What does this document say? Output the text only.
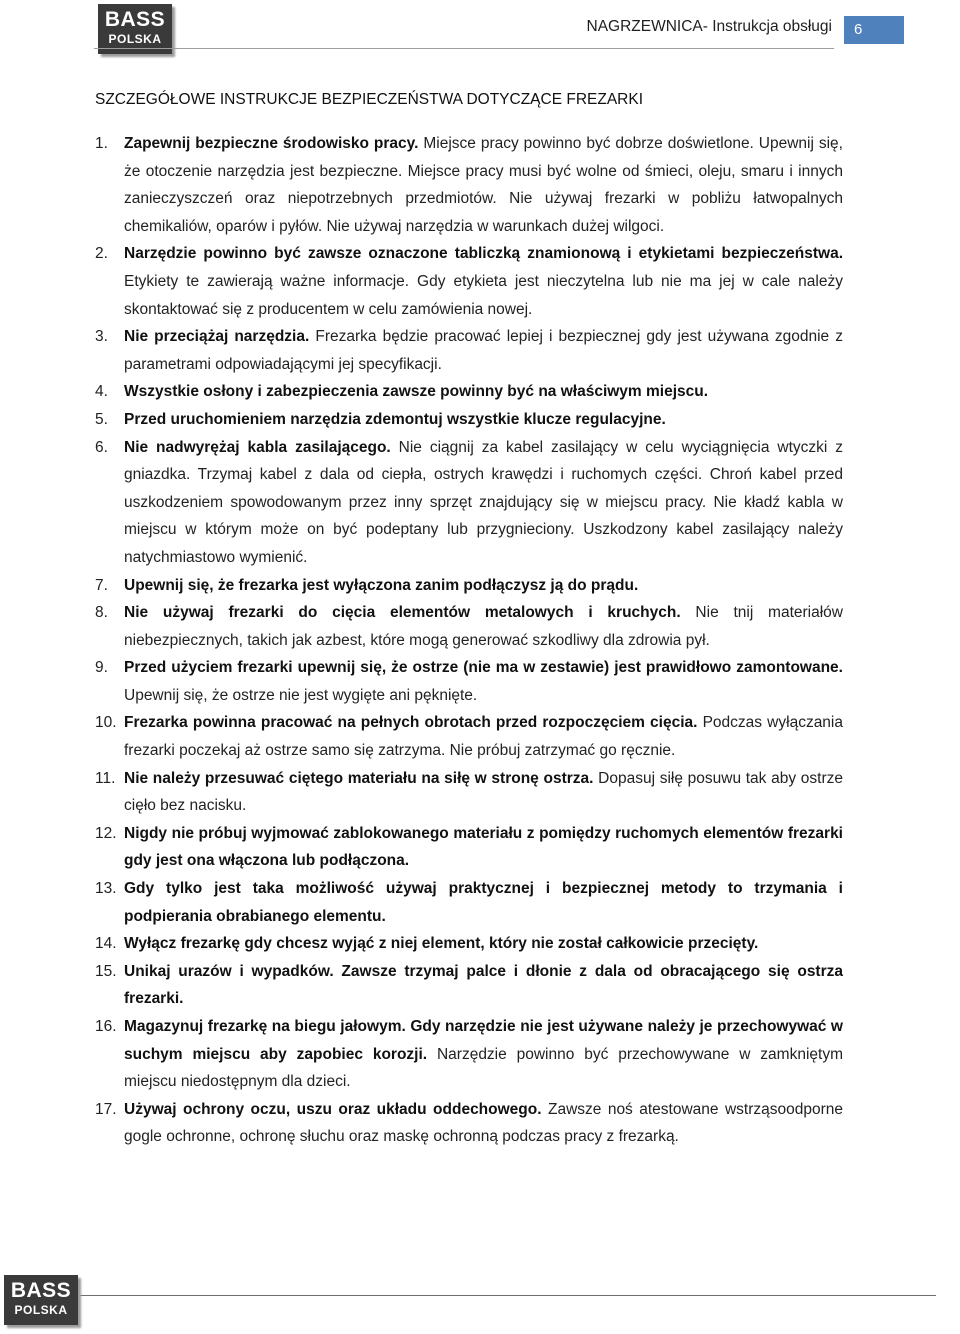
BASS
POLSKA
NAGRZEWNICA- Instrukcja obsługi	6
SZCZEGÓŁOWE INSTRUKCJE BEZPIECZEŃSTWA DOTYCZĄCE FREZARKI
1.	Zapewnij bezpieczne środowisko pracy. Miejsce pracy powinno być dobrze doświetlone. Upewnij się, że otoczenie narzędzia jest bezpieczne. Miejsce pracy musi być wolne od śmieci, oleju, smaru i innych zanieczyszczeń oraz niepotrzebnych przedmiotów. Nie używaj frezarki w pobliżu łatwopalnych chemikaliów, oparów i pyłów. Nie używaj narzędzia w warunkach dużej wilgoci.
2.	Narzędzie powinno być zawsze oznaczone tabliczką znamionową i etykietami bezpieczeństwa. Etykiety te zawierają ważne informacje. Gdy etykieta jest nieczytelna lub nie ma jej w cale należy skontaktować się z producentem w celu zamówienia nowej.
3.	Nie przeciążaj narzędzia. Frezarka będzie pracować lepiej i bezpiecznej gdy jest używana zgodnie z parametrami odpowiadającymi jej specyfikacji.
4.	Wszystkie osłony i zabezpieczenia zawsze powinny być na właściwym miejscu.
5.	Przed uruchomieniem narzędzia zdemontuj wszystkie klucze regulacyjne.
6.	Nie nadwyrężaj kabla zasilającego. Nie ciągnij za kabel zasilający w celu wyciągnięcia wtyczki z gniazdka. Trzymaj kabel z dala od ciepła, ostrych krawędzi i ruchomych części. Chroń kabel przed uszkodzeniem spowodowanym przez inny sprzęt znajdujący się w miejscu pracy. Nie kładź kabla w miejscu w którym może on być podeptany lub przygnieciony. Uszkodzony kabel zasilający należy natychmiastowo wymienić.
7.	Upewnij się, że frezarka jest wyłączona zanim podłączysz ją do prądu.
8.	Nie używaj frezarki do cięcia elementów metalowych i kruchych. Nie tnij materiałów niebezpiecznych, takich jak azbest, które mogą generować szkodliwy dla zdrowia pył.
9.	Przed użyciem frezarki upewnij się, że ostrze (nie ma w zestawie) jest prawidłowo zamontowane. Upewnij się, że ostrze nie jest wygięte ani pęknięte.
10. Frezarka powinna pracować na pełnych obrotach przed rozpoczęciem cięcia. Podczas wyłączania frezarki poczekaj aż ostrze samo się zatrzyma. Nie próbuj zatrzymać go ręcznie.
11. Nie należy przesuwać ciętego materiału na siłę w stronę ostrza. Dopasuj siłę posuwu tak aby ostrze cięło bez nacisku.
12. Nigdy nie próbuj wyjmować zablokowanego materiału z pomiędzy ruchomych elementów frezarki gdy jest ona włączona lub podłączona.
13. Gdy tylko jest taka możliwość używaj praktycznej i bezpiecznej metody to trzymania i podpierania obrabianego elementu.
14. Wyłącz frezarkę gdy chcesz wyjąć z niej element, który nie został całkowicie przecięty.
15. Unikaj urazów i wypadków. Zawsze trzymaj palce i dłonie z dala od obracającego się ostrza frezarki.
16. Magazynuj frezarkę na biegu jałowym. Gdy narzędzie nie jest używane należy je przechowywać w suchym miejscu aby zapobiec korozji. Narzędzie powinno być przechowywane w zamkniętym miejscu niedostępnym dla dzieci.
17. Używaj ochrony oczu, uszu oraz układu oddechowego. Zawsze noś atestowane wstrząsoodporne gogle ochronne, ochronę słuchu oraz maskę ochronną podczas pracy z frezarką.
BASS
POLSKA
